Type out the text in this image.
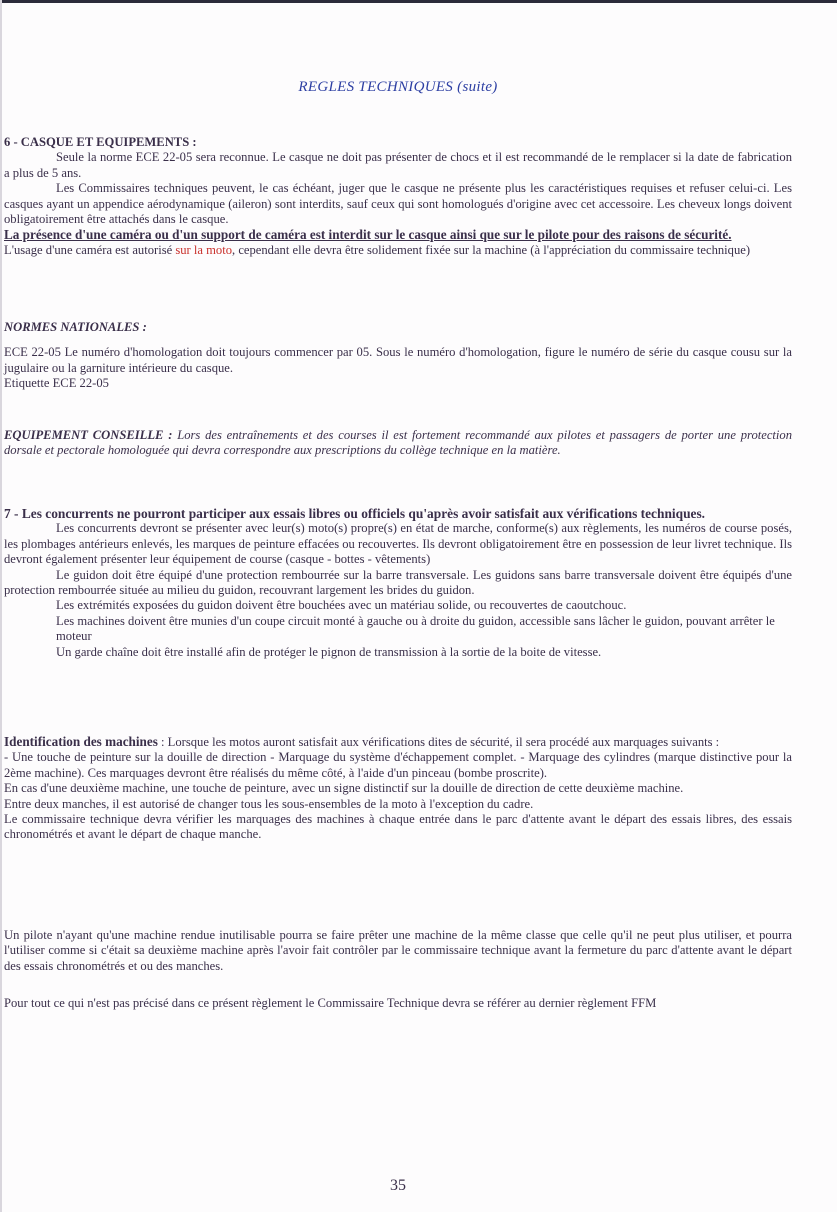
REGLES TECHNIQUES (suite)
6 - CASQUE ET EQUIPEMENTS :
Seule la norme ECE 22-05 sera reconnue. Le casque ne doit pas présenter de chocs et il est recommandé de le remplacer si la date de fabrication a plus de 5 ans.
Les Commissaires techniques peuvent, le cas échéant, juger que le casque ne présente plus les caractéristiques requises et refuser celui-ci. Les casques ayant un appendice aérodynamique (aileron) sont interdits, sauf ceux qui sont homologués d'origine avec cet accessoire. Les cheveux longs doivent obligatoirement être attachés dans le casque.
La présence d'une caméra ou d'un support de caméra est interdit sur le casque ainsi que sur le pilote pour des raisons de sécurité.
L'usage d'une caméra est autorisé sur la moto, cependant elle devra être solidement fixée sur la machine (à l'appréciation du commissaire technique)
NORMES NATIONALES :
ECE 22-05 Le numéro d'homologation doit toujours commencer par 05. Sous le numéro d'homologation, figure le numéro de série du casque cousu sur la jugulaire ou la garniture intérieure du casque.
Etiquette ECE 22-05
EQUIPEMENT CONSEILLE : Lors des entraînements et des courses il est fortement recommandé aux pilotes et passagers de porter une protection dorsale et pectorale homologuée qui devra correspondre aux prescriptions du collège technique en la matière.
7 - Les concurrents ne pourront participer aux essais libres ou officiels qu'après avoir satisfait aux vérifications techniques.
Les concurrents devront se présenter avec leur(s) moto(s) propre(s) en état de marche, conforme(s) aux règlements, les numéros de course posés, les plombages antérieurs enlevés, les marques de peinture effacées ou recouvertes. Ils devront obligatoirement être en possession de leur livret technique. Ils devront également présenter leur équipement de course (casque - bottes - vêtements)
Le guidon doit être équipé d'une protection rembourrée sur la barre transversale. Les guidons sans barre transversale doivent être équipés d'une protection rembourrée située au milieu du guidon, recouvrant largement les brides du guidon.
Les extrémités exposées du guidon doivent être bouchées avec un matériau solide, ou recouvertes de caoutchouc.
Les machines doivent être munies d'un coupe circuit monté à gauche ou à droite du guidon, accessible sans lâcher le guidon, pouvant arrêter le moteur
Un garde chaîne doit être installé afin de protéger le pignon de transmission à la sortie de la boite de vitesse.
Identification des machines : Lorsque les motos auront satisfait aux vérifications dites de sécurité, il sera procédé aux marquages suivants :
- Une touche de peinture sur la douille de direction - Marquage du système d'échappement complet. - Marquage des cylindres (marque distinctive pour la 2ème machine). Ces marquages devront être réalisés du même côté, à l'aide d'un pinceau (bombe proscrite).
En cas d'une deuxième machine, une touche de peinture, avec un signe distinctif sur la douille de direction de cette deuxième machine.
Entre deux manches, il est autorisé de changer tous les sous-ensembles de la moto à l'exception du cadre.
Le commissaire technique devra vérifier les marquages des machines à chaque entrée dans le parc d'attente avant le départ des essais libres, des essais chronométrés et avant le départ de chaque manche.
Un pilote n'ayant qu'une machine rendue inutilisable pourra se faire prêter une machine de la même classe que celle qu'il ne peut plus utiliser, et pourra l'utiliser comme si c'était sa deuxième machine après l'avoir fait contrôler par le commissaire technique avant la fermeture du parc d'attente avant le départ des essais chronométrés et ou des manches.
Pour tout ce qui n'est pas précisé dans ce présent règlement le Commissaire Technique devra se référer au dernier règlement FFM
35
